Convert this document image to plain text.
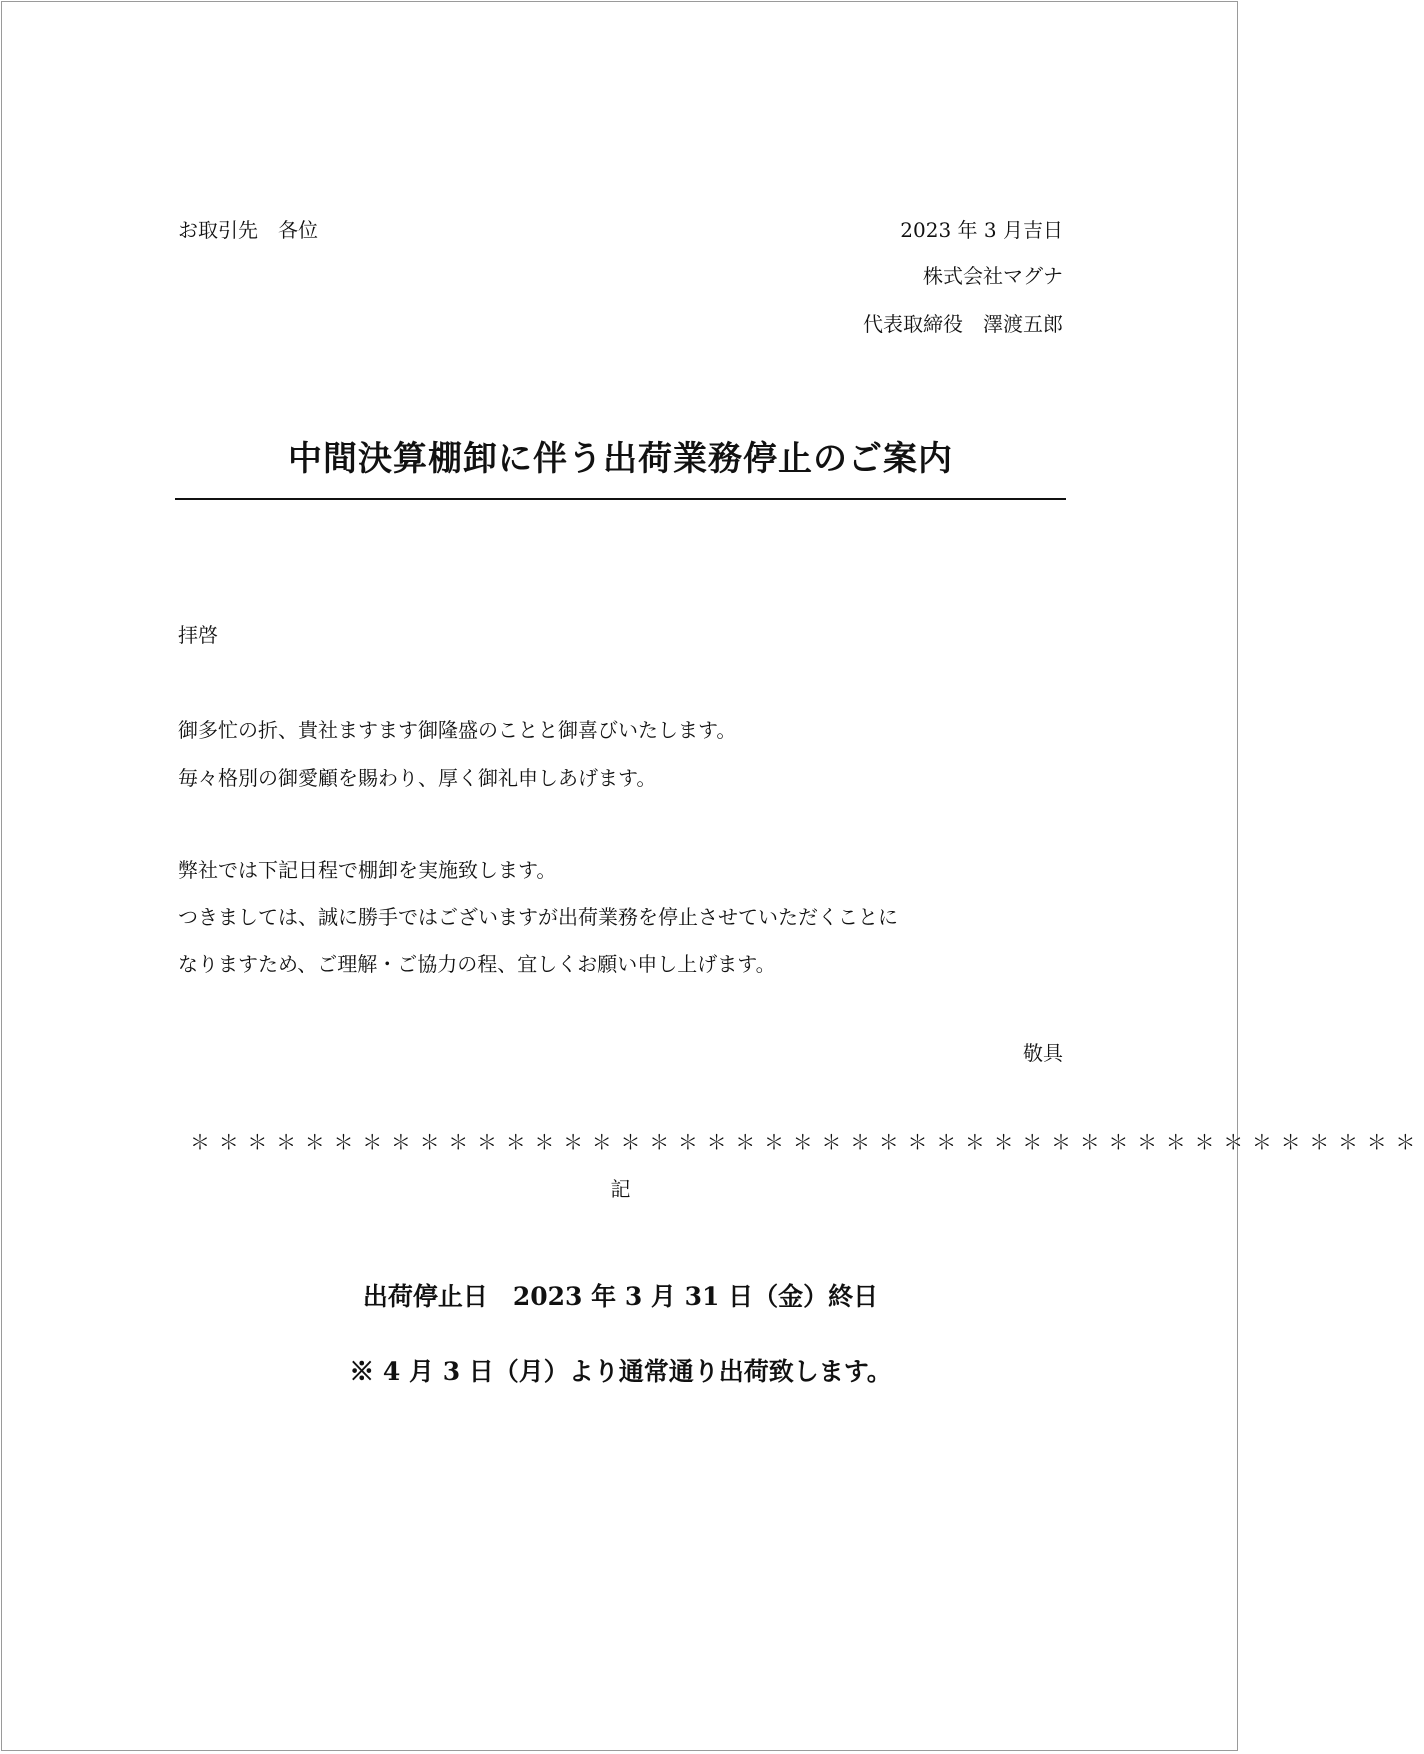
お取引先　各位	2023 年 3 月吉日
株式会社マグナ
代表取締役　澤渡五郎
中間決算棚卸に伴う出荷業務停止のご案内
拝啓
御多忙の折、貴社ますます御隆盛のことと御喜びいたします。
毎々格別の御愛顧を賜わり、厚く御礼申しあげます。
弊社では下記日程で棚卸を実施致します。
つきましては、誠に勝手ではございますが出荷業務を停止させていただくことに
なりますため、ご理解・ご協力の程、宜しくお願い申し上げます。
敬具
＊＊＊＊＊＊＊＊＊＊＊＊＊＊＊＊＊＊＊＊＊＊＊＊＊＊＊＊＊＊＊＊＊＊＊＊＊＊＊＊＊＊＊
記
出荷停止日　2023 年 3 月 31 日（金）終日
※ 4 月 3 日（月）より通常通り出荷致します。
